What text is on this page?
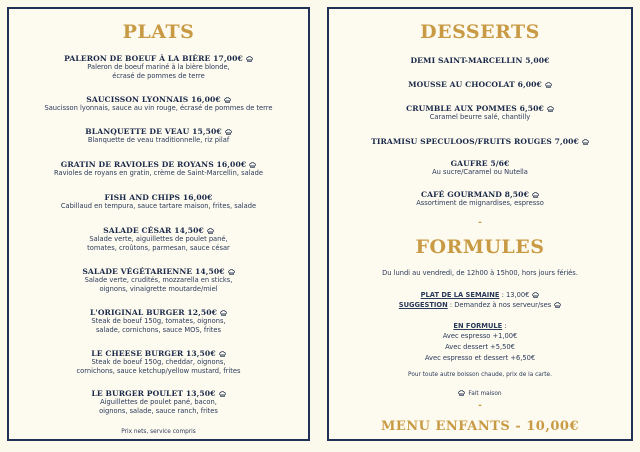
PLATS
PALERON DE BOEUF À LA BIÈRE 17,00€
Paleron de boeuf mariné à la bière blonde,
écrasé de pommes de terre
SAUCISSON LYONNAIS 16,00€
Saucisson lyonnais, sauce au vin rouge, écrasé de pommes de terre
BLANQUETTE DE VEAU 15,50€
Blanquette de veau traditionnelle, riz pilaf
GRATIN DE RAVIOLES DE ROYANS 16,00€
Ravioles de royans en gratin, crème de Saint-Marcellin, salade
FISH AND CHIPS 16,00€
Cabillaud en tempura, sauce tartare maison, frites, salade
SALADE CÉSAR 14,50€
Salade verte, aiguillettes de poulet pané,
tomates, croûtons, parmesan, sauce césar
SALADE VÉGÉTARIENNE 14,50€
Salade verte, crudités, mozzarella en sticks,
oignons, vinaigrette moutarde/miel
L'ORIGINAL BURGER 12,50€
Steak de boeuf 150g, tomates, oignons,
salade, cornichons, sauce MOS, frites
LE CHEESE BURGER 13,50€
Steak de boeuf 150g, cheddar, oignons,
cornichons, sauce ketchup/yellow mustard, frites
LE BURGER POULET 13,50€
Aiguillettes de poulet pané, bacon,
oignons, salade, sauce ranch, frites
Prix nets, service compris
DESSERTS
DEMI SAINT-MARCELLIN 5,00€
MOUSSE AU CHOCOLAT 6,00€
CRUMBLE AUX POMMES 6,50€
Caramel beurre salé, chantilly
TIRAMISU SPECULOOS/FRUITS ROUGES 7,00€
GAUFRE 5/6€
Au sucre/Caramel ou Nutella
CAFÉ GOURMAND 8,50€
Assortiment de mignardises, espresso
-
FORMULES
Du lundi au vendredi, de 12h00 à 15h00, hors jours fériés.
PLAT DE LA SEMAINE : 13,00€
SUGGESTION : Demandez à nos serveur/ses
EN FORMULE :
Avec espresso +1,00€
Avec dessert +5,50€
Avec espresso et dessert +6,50€
Pour toute autre boisson chaude, prix de la carte.
Fait maison
-
MENU ENFANTS - 10,00€
